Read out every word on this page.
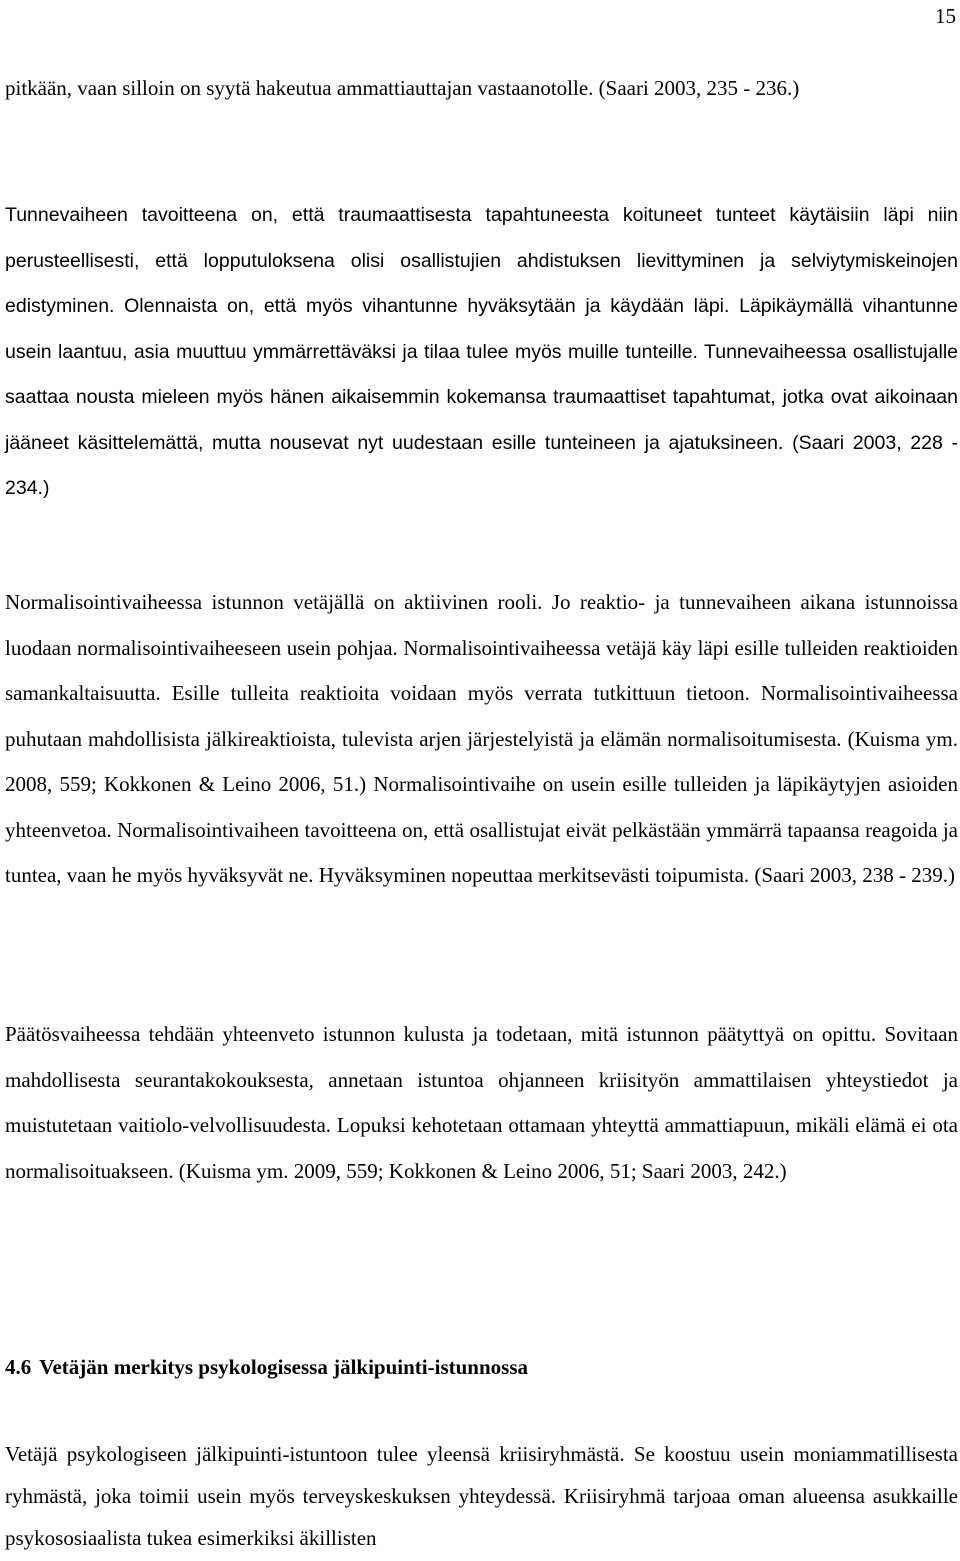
15

pitkään, vaan silloin on syytä hakeutua ammattiauttajan vastaanotolle. (Saari 2003, 235 - 236.)

Tunnevaiheen tavoitteena on, että traumaattisesta tapahtuneesta koituneet tunteet käytäisiin läpi niin perusteellisesti, että lopputuloksena olisi osallistujien ahdistuksen lievittyminen ja selviytymiskeinojen edistyminen. Olennaista on, että myös vihantunne hyväksytään ja käydään läpi. Läpikäymällä vihantunne usein laantuu, asia muuttuu ymmärrettäväksi ja tilaa tulee myös muille tunteille. Tunnevaiheessa osallistujalle saattaa nousta mieleen myös hänen aikaisemmin kokemansa traumaattiset tapahtumat, jotka ovat aikoinaan jääneet käsittelemättä, mutta nousevat nyt uudestaan esille tunteineen ja ajatuksineen. (Saari 2003, 228 - 234.)

Normalisointivaiheessa istunnon vetäjällä on aktiivinen rooli. Jo reaktio- ja tunnevaiheen aikana istunnoissa luodaan normalisointivaiheeseen usein pohjaa. Normalisointivaiheessa vetäjä käy läpi esille tulleiden reaktioiden samankaltaisuutta. Esille tulleita reaktioita voidaan myös verrata tutkittuun tietoon. Normalisointivaiheessa puhutaan mahdollisista jälkireaktioista, tulevista arjen järjestelyistä ja elämän normalisoitumisesta. (Kuisma ym. 2008, 559; Kokkonen & Leino 2006, 51.) Normalisointivaihe on usein esille tulleiden ja läpikäytyjen asioiden yhteenvetoa. Normalisointivaiheen tavoitteena on, että osallistujat eivät pelkästään ymmärrä tapaansa reagoida ja tuntea, vaan he myös hyväksyvät ne. Hyväksyminen nopeuttaa merkitsevästi toipumista. (Saari 2003, 238 - 239.)

Päätösvaiheessa tehdään yhteenveto istunnon kulusta ja todetaan, mitä istunnon päätyttyä on opittu. Sovitaan mahdollisesta seurantakokouksesta, annetaan istuntoa ohjanneen kriisityön ammattilaisen yhteystiedot ja muistutetaan vaitiolo-velvollisuudesta. Lopuksi kehotetaan ottamaan yhteyttä ammattiapuun, mikäli elämä ei ota normalisoituakseen. (Kuisma ym. 2009, 559; Kokkonen & Leino 2006, 51; Saari 2003, 242.)

4.6 Vetäjän merkitys psykologisessa jälkipuinti-istunnossa

Vetäjä psykologiseen jälkipuinti-istuntoon tulee yleensä kriisiryhmästä. Se koostuu usein moniammatillisesta ryhmästä, joka toimii usein myös terveyskeskuksen yhteydessä. Kriisiryhmä tarjoaa oman alueensa asukkaille psykososiaalista tukea esimerkiksi äkillisten
